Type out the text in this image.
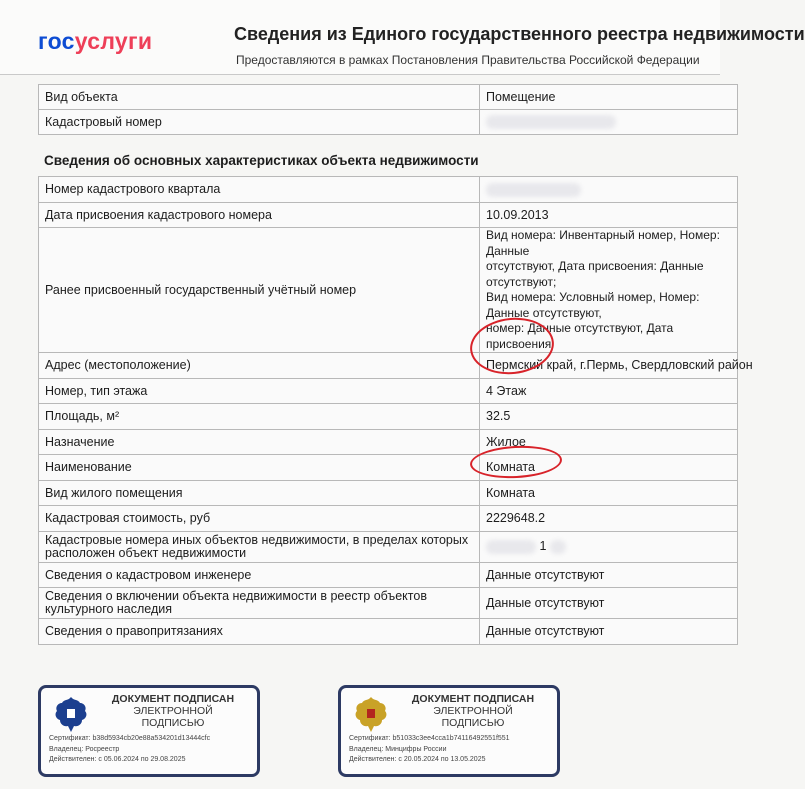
госуслуги	Сведения из Единого государственного реестра недвижимости
Предоставляются в рамках Постановления Правительства Российской Федерации
Вид объекта	Помещение
Кадастровый номер	
Сведения об основных характеристиках объекта недвижимости
Номер кадастрового квартала	
Дата присвоения кадастрового номера	10.09.2013
Ранее присвоенный государственный учётный номер	Вид номера: Инвентарный номер, Номер: Данные
отсутствуют, Дата присвоения: Данные отсутствуют;
Вид номера: Условный номер, Номер: Данные отсутствуют,
номер: Данные отсутствуют, Дата присвоения

Адрес (местоположение)	Пермский край, г.Пермь, Свердловский район
Номер, тип этажа	4 Этаж
Площадь, м²	32.5
Назначение	Жилое
Наименование	Комната
Вид жилого помещения	Комната
Кадастровая стоимость, руб	2229648.2
Кадастровые номера иных объектов недвижимости, в пределах которых расположен объект недвижимости	1
Сведения о кадастровом инженере	Данные отсутствуют
Сведения о включении объекта недвижимости в реестр объектов культурного наследия	Данные отсутствуют
Сведения о правопритязаниях	Данные отсутствуют
ДОКУМЕНТ ПОДПИСАН
ЭЛЕКТРОННОЙ
ПОДПИСЬЮ
Сертификат: b38d5934cb20e88a534201d13444cfc
Владелец: Росреестр
Действителен: с 05.06.2024 по 29.08.2025
ДОКУМЕНТ ПОДПИСАН
ЭЛЕКТРОННОЙ
ПОДПИСЬЮ
Сертификат: b51033c3ee4cca1b74116492551f551
Владелец: Минцифры России
Действителен: с 20.05.2024 по 13.05.2025
